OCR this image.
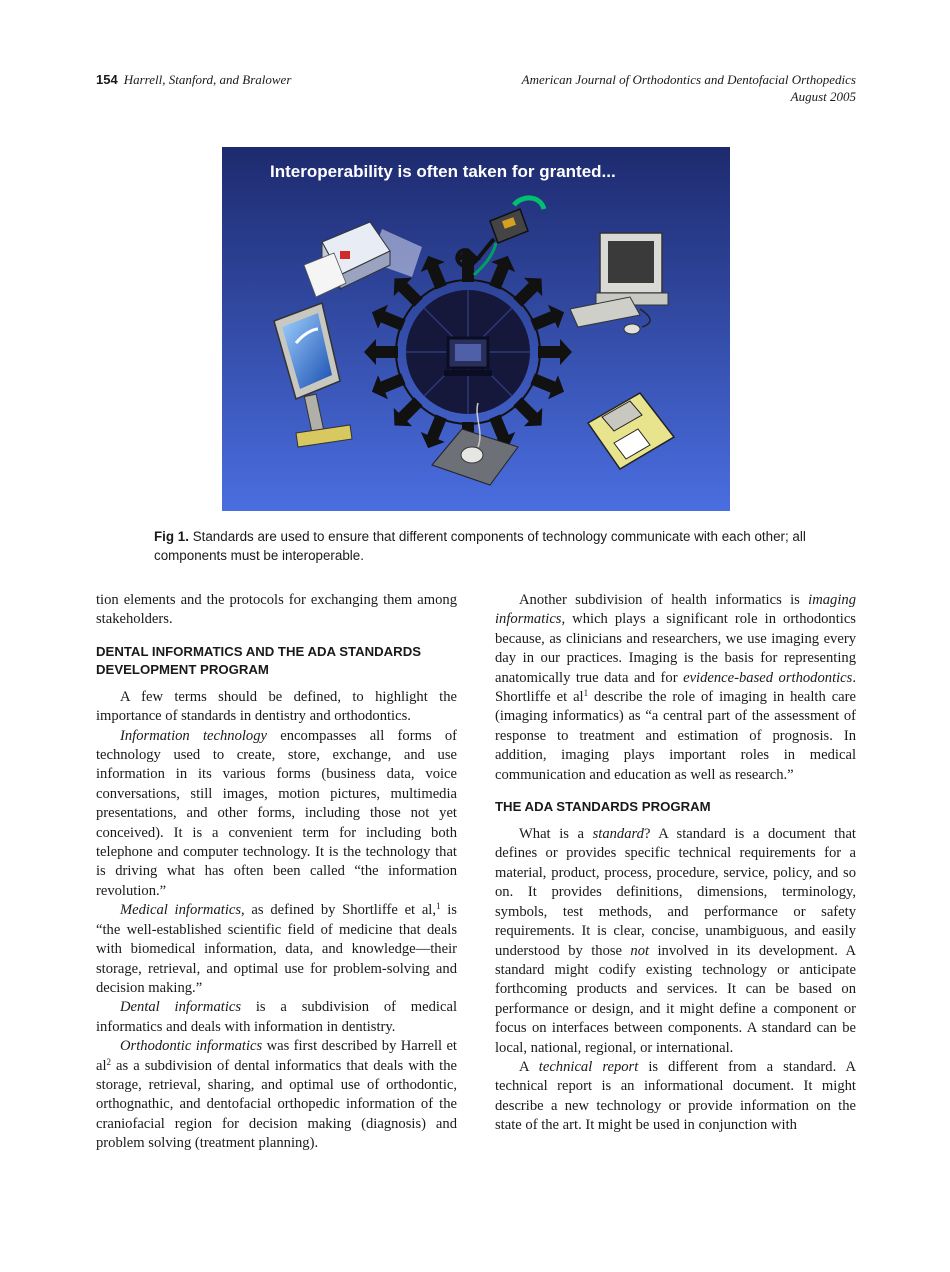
154 Harrell, Stanford, and Bralower	American Journal of Orthodontics and Dentofacial Orthopedics
August 2005
Interoperability is often taken for granted...
Fig 1. Standards are used to ensure that different components of technology communicate with each other; all components must be interoperable.

tion elements and the protocols for exchanging them among stakeholders.

DENTAL INFORMATICS AND THE ADA STANDARDS DEVELOPMENT PROGRAM

A few terms should be defined, to highlight the importance of standards in dentistry and orthodontics.

Information technology encompasses all forms of technology used to create, store, exchange, and use information in its various forms (business data, voice conversations, still images, motion pictures, multimedia presentations, and other forms, including those not yet conceived). It is a convenient term for including both telephone and computer technology. It is the technology that is driving what has often been called “the information revolution.”

Medical informatics, as defined by Shortliffe et al,$^1$ is “the well-established scientific field of medicine that deals with biomedical information, data, and knowledge—their storage, retrieval, and optimal use for problem-solving and decision making.”

Dental informatics is a subdivision of medical informatics and deals with information in dentistry.

Orthodontic informatics was first described by Harrell et $al^2$ as a subdivision of dental informatics that deals with the storage, retrieval, sharing, and optimal use of orthodontic, orthognathic, and dentofacial orthopedic information of the craniofacial region for decision making (diagnosis) and problem solving (treatment planning).

Another subdivision of health informatics is imaging informatics, which plays a significant role in orthodontics because, as clinicians and researchers, we use imaging every day in our practices. Imaging is the basis for representing anatomically true data and for evidence-based orthodontics. Shortliffe et $al^1$ describe the role of imaging in health care (imaging informatics) as “a central part of the assessment of response to treatment and estimation of prognosis. In addition, imaging plays important roles in medical communication and education as well as research.”

THE ADA STANDARDS PROGRAM

What is a standard? A standard is a document that defines or provides specific technical requirements for a material, product, process, procedure, service, policy, and so on. It provides definitions, dimensions, terminology, symbols, test methods, and performance or safety requirements. It is clear, concise, unambiguous, and easily understood by those not involved in its development. A standard might codify existing technology or anticipate forthcoming products and services. It can be based on performance or design, and it might define a component or focus on interfaces between components. A standard can be local, national, regional, or international.

A technical report is different from a standard. A technical report is an informational document. It might describe a new technology or provide information on the state of the art. It might be used in conjunction with
